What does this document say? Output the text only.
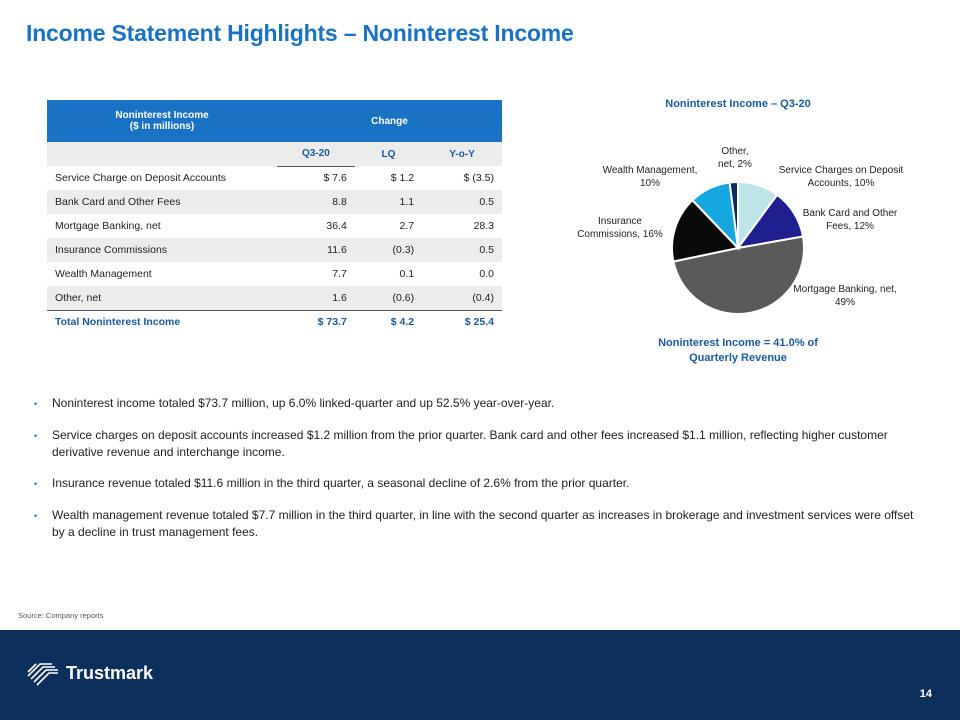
Income Statement Highlights – Noninterest Income
Noninterest Income
($ in millions)	Change		
	Q3-20	LQ	Y-o-Y
Service Charge on Deposit Accounts	$ 7.6	$ 1.2	$ (3.5)
Bank Card and Other Fees	8.8	1.1	0.5
Mortgage Banking, net	36.4	2.7	28.3
Insurance Commissions	11.6	(0.3)	0.5
Wealth Management	7.7	0.1	0.0
Other, net	1.6	(0.6)	(0.4)
Total Noninterest Income	$ 73.7	$ 4.2	$ 25.4
Noninterest Income – Q3-20
Other,
net, 2%
Service Charges on Deposit
Accounts, 10%
Bank Card and Other
Fees, 12%
Mortgage Banking, net,
49%
Insurance
Commissions, 16%
Wealth Management,
10%
Noninterest Income = 41.0% of
Quarterly Revenue
•	Noninterest income totaled $73.7 million, up 6.0% linked-quarter and up 52.5% year-over-year.
•	Service charges on deposit accounts increased $1.2 million from the prior quarter. Bank card and other fees increased $1.1 million, reflecting higher customer derivative revenue and interchange income.
•	Insurance revenue totaled $11.6 million in the third quarter, a seasonal decline of 2.6% from the prior quarter.
•	Wealth management revenue totaled $7.7 million in the third quarter, in line with the second quarter as increases in brokerage and investment services were offset by a decline in trust management fees.
Source: Company reports
Trustmark
14
